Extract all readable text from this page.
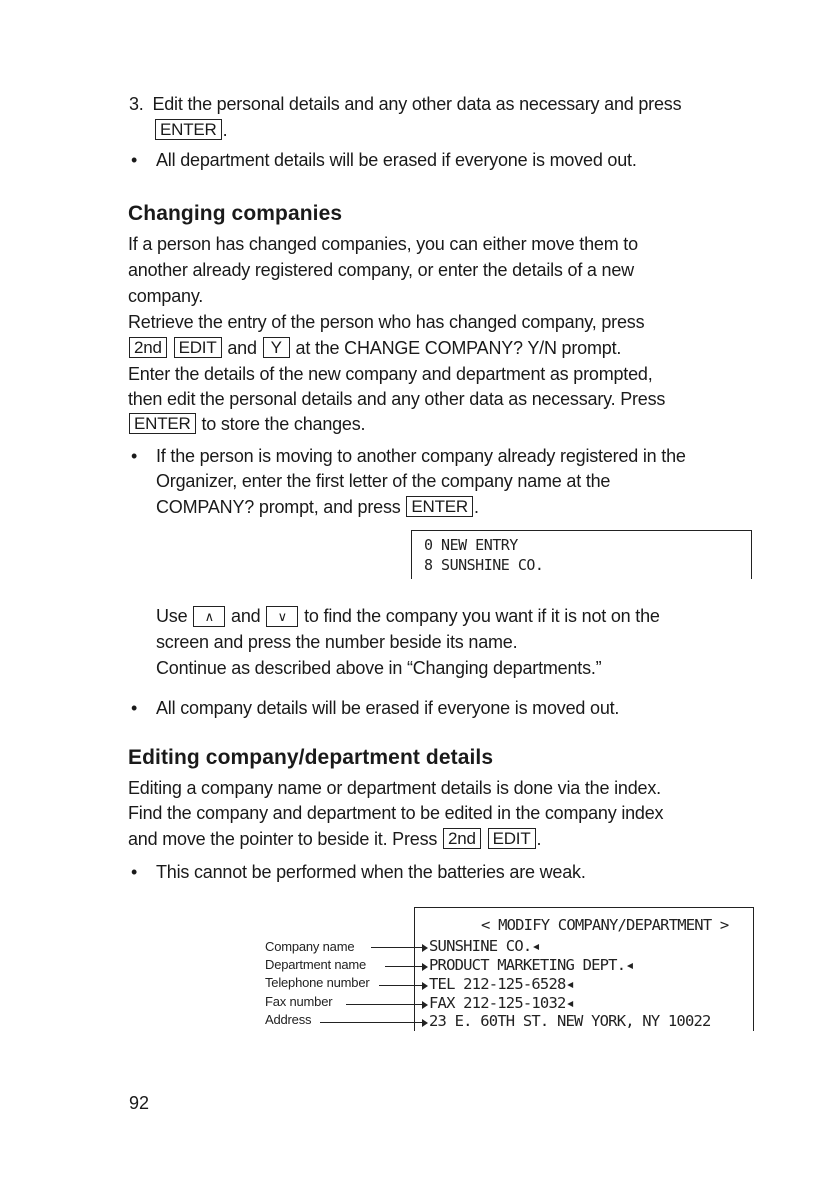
3. Edit the personal details and any other data as necessary and press

ENTER .

• All department details will be erased if everyone is moved out.

Changing companies

If a person has changed companies, you can either move them to

another already registered company, or enter the details of a new

company.

Retrieve the entry of the person who has changed company, press

2nd EDIT and Y at the CHANGE COMPANY? Y/N prompt.

Enter the details of the new company and department as prompted,

then edit the personal details and any other data as necessary. Press

ENTER to store the changes.

• If the person is moving to another company already registered in the

Organizer, enter the first letter of the company name at the

COMPANY? prompt, and press ENTER .

0 NEW ENTRY
8 SUNSHINE CO.

Use ∧ and ∨ to find the company you want if it is not on the

screen and press the number beside its name.

Continue as described above in “Changing departments.”

• All company details will be erased if everyone is moved out.

Editing company/department details

Editing a company name or department details is done via the index.

Find the company and department to be edited in the company index

and move the pointer to beside it. Press 2nd EDIT .

• This cannot be performed when the batteries are weak.

< MODIFY COMPANY/DEPARTMENT >
SUNSHINE CO.◂
PRODUCT MARKETING DEPT.◂
TEL 212-125-6528◂
FAX 212-125-1032◂
23 E. 60TH ST. NEW YORK, NY 10022
Company name
Department name
Telephone number
Fax number
Address
92
